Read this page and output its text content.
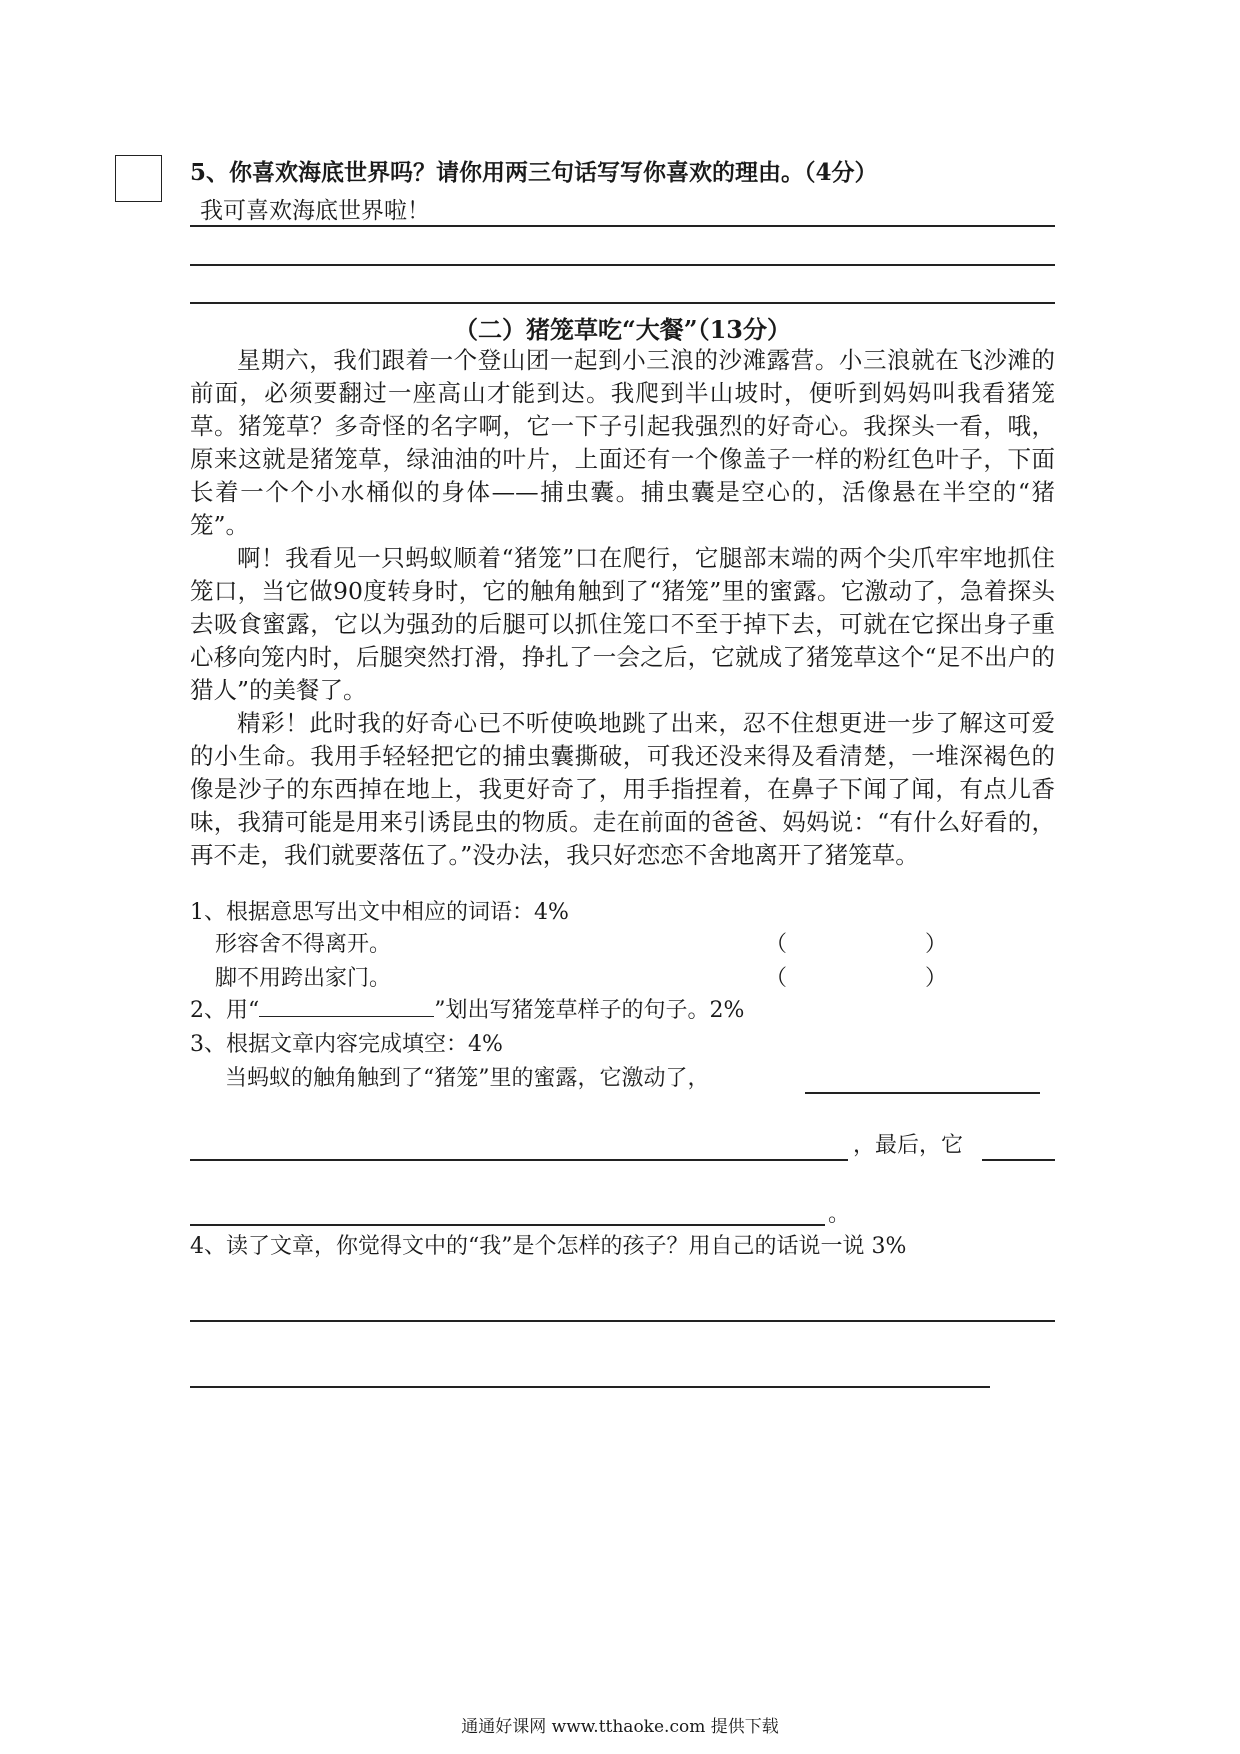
5、你喜欢海底世界吗？请你用两三句话写写你喜欢的理由。（4分）
我可喜欢海底世界啦！
（二）猪笼草吃“大餐”（13分）

星期六，我们跟着一个登山团一起到小三浪的沙滩露营。小三浪就在飞沙滩的前面，必须要翻过一座高山才能到达。我爬到半山坡时，便听到妈妈叫我看猪笼草。猪笼草？多奇怪的名字啊，它一下子引起我强烈的好奇心。我探头一看，哦，原来这就是猪笼草，绿油油的叶片，上面还有一个像盖子一样的粉红色叶子，下面长着一个个小水桶似的身体——捕虫囊。捕虫囊是空心的，活像悬在半空的“猪笼”。

啊！我看见一只蚂蚁顺着“猪笼”口在爬行，它腿部末端的两个尖爪牢牢地抓住笼口，当它做90度转身时，它的触角触到了“猪笼”里的蜜露。它激动了，急着探头去吸食蜜露，它以为强劲的后腿可以抓住笼口不至于掉下去，可就在它探出身子重心移向笼内时，后腿突然打滑，挣扎了一会之后，它就成了猪笼草这个“足不出户的猎人”的美餐了。

精彩！此时我的好奇心已不听使唤地跳了出来，忍不住想更进一步了解这可爱的小生命。我用手轻轻把它的捕虫囊撕破，可我还没来得及看清楚，一堆深褐色的像是沙子的东西掉在地上，我更好奇了，用手指捏着，在鼻子下闻了闻，有点儿香味，我猜可能是用来引诱昆虫的物质。走在前面的爸爸、妈妈说：“有什么好看的，再不走，我们就要落伍了。”没办法，我只好恋恋不舍地离开了猪笼草。

1、根据意思写出文中相应的词语：4%
形容舍不得离开。	（	）
脚不用跨出家门。	（	）
2、用“	”划出写猪笼草样子的句子。2%
3、根据文章内容完成填空：4%
当蚂蚁的触角触到了“猪笼”里的蜜露，它激动了，
，最后，它
。
4、读了文章，你觉得文中的“我”是个怎样的孩子？用自己的话说一说 3%
通通好课网 www.tthaoke.com 提供下载
